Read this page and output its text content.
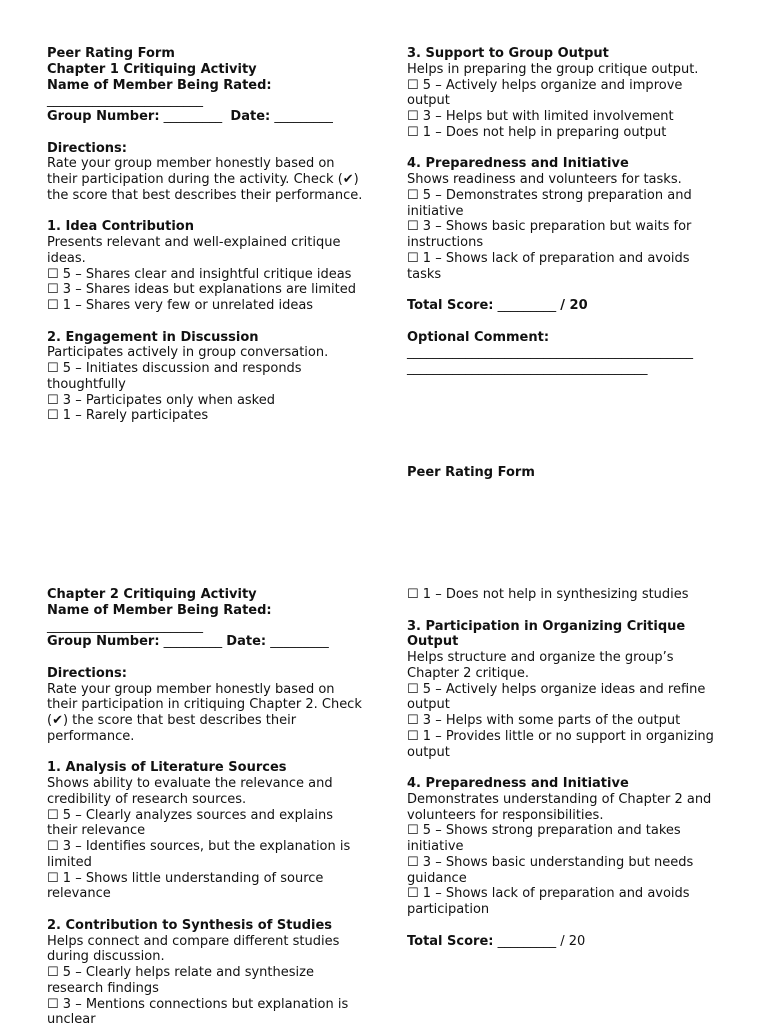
Peer Rating Form
Chapter 1 Critiquing Activity
Name of Member Being Rated:
________________________
Group Number: _________ Date: _________
Directions:
Rate your group member honestly based on their participation during the activity. Check (✔) the score that best describes their performance.
1. Idea Contribution
Presents relevant and well-explained critique ideas.
☐ 5 – Shares clear and insightful critique ideas
☐ 3 – Shares ideas but explanations are limited
☐ 1 – Shares very few or unrelated ideas
2. Engagement in Discussion
Participates actively in group conversation.
☐ 5 – Initiates discussion and responds thoughtfully
☐ 3 – Participates only when asked
☐ 1 – Rarely participates
3. Support to Group Output
Helps in preparing the group critique output.
☐ 5 – Actively helps organize and improve output
☐ 3 – Helps but with limited involvement
☐ 1 – Does not help in preparing output
4. Preparedness and Initiative
Shows readiness and volunteers for tasks.
☐ 5 – Demonstrates strong preparation and initiative
☐ 3 – Shows basic preparation but waits for instructions
☐ 1 – Shows lack of preparation and avoids tasks
Total Score: _________ / 20
Optional Comment:
____________________________________________
_____________________________________
Peer Rating Form
Chapter 2 Critiquing Activity
Name of Member Being Rated:
________________________
Group Number: _________ Date: _________
Directions:
Rate your group member honestly based on their participation in critiquing Chapter 2. Check (✔) the score that best describes their performance.
1. Analysis of Literature Sources
Shows ability to evaluate the relevance and credibility of research sources.
☐ 5 – Clearly analyzes sources and explains their relevance
☐ 3 – Identifies sources, but the explanation is limited
☐ 1 – Shows little understanding of source relevance
2. Contribution to Synthesis of Studies
Helps connect and compare different studies during discussion.
☐ 5 – Clearly helps relate and synthesize research findings
☐ 3 – Mentions connections but explanation is unclear
☐ 1 – Does not help in synthesizing studies
3. Participation in Organizing Critique Output
Helps structure and organize the group’s Chapter 2 critique.
☐ 5 – Actively helps organize ideas and refine output
☐ 3 – Helps with some parts of the output
☐ 1 – Provides little or no support in organizing output
4. Preparedness and Initiative
Demonstrates understanding of Chapter 2 and volunteers for responsibilities.
☐ 5 – Shows strong preparation and takes initiative
☐ 3 – Shows basic understanding but needs guidance
☐ 1 – Shows lack of preparation and avoids participation
Total Score: _________ / 20
